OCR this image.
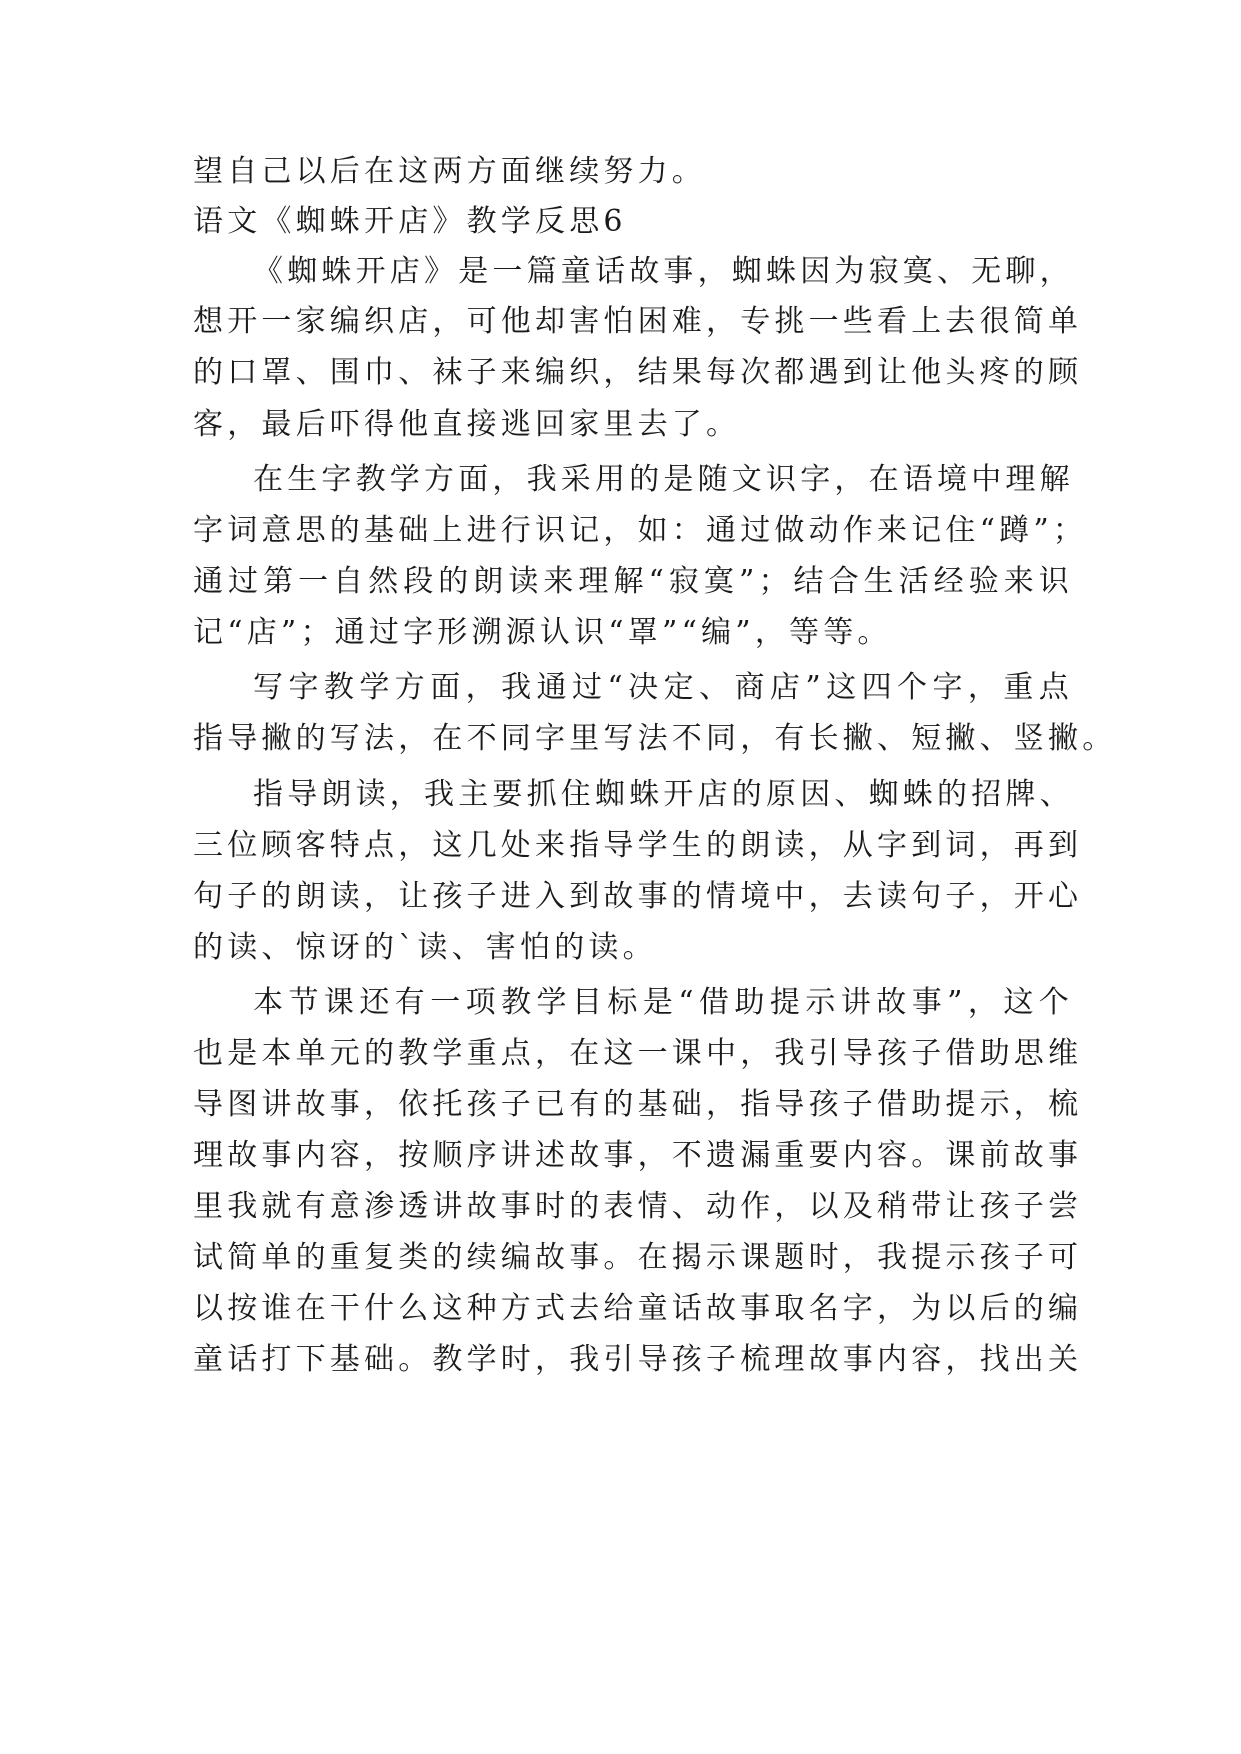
望自己以后在这两方面继续努力。
语文《蜘蛛开店》教学反思6
《蜘蛛开店》是一篇童话故事，蜘蛛因为寂寞、无聊，
想开一家编织店，可他却害怕困难，专挑一些看上去很简单
的口罩、围巾、袜子来编织，结果每次都遇到让他头疼的顾
客，最后吓得他直接逃回家里去了。
在生字教学方面，我采用的是随文识字，在语境中理解
字词意思的基础上进行识记，如：通过做动作来记住“蹲”；
通过第一自然段的朗读来理解“寂寞”；结合生活经验来识
记“店”；通过字形溯源认识“罩”“编”，等等。
写字教学方面，我通过“决定、商店”这四个字，重点
指导撇的写法，在不同字里写法不同，有长撇、短撇、竖撇。
指导朗读，我主要抓住蜘蛛开店的原因、蜘蛛的招牌、
三位顾客特点，这几处来指导学生的朗读，从字到词，再到
句子的朗读，让孩子进入到故事的情境中，去读句子，开心
的读、惊讶的`读、害怕的读。
本节课还有一项教学目标是“借助提示讲故事”，这个
也是本单元的教学重点，在这一课中，我引导孩子借助思维
导图讲故事，依托孩子已有的基础，指导孩子借助提示，梳
理故事内容，按顺序讲述故事，不遗漏重要内容。课前故事
里我就有意渗透讲故事时的表情、动作，以及稍带让孩子尝
试简单的重复类的续编故事。在揭示课题时，我提示孩子可
以按谁在干什么这种方式去给童话故事取名字，为以后的编
童话打下基础。教学时，我引导孩子梳理故事内容，找出关
